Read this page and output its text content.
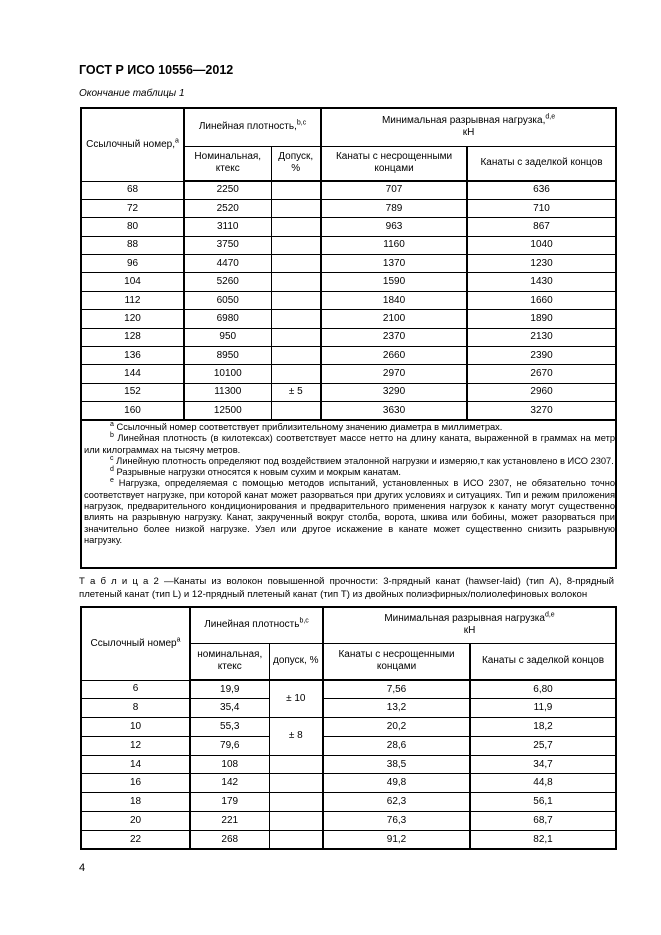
ГОСТ Р ИСО 10556—2012
Окончание таблицы 1
Ссылочный номер,$^a$	Линейная плотность,$^{b,c}$		Минимальная разрывная нагрузка,$^{d,e}$
кН	
	Номинальная, ктекс	Допуск, %	Канаты с несрощенными концами	Канаты с заделкой концов
68	2250		707	636
72	2520		789	710
80	3110		963	867
88	3750		1160	1040
96	4470		1370	1230
104	5260		1590	1430
112	6050		1840	1660
120	6980		2100	1890
128	950		2370	2130
136	8950		2660	2390
144	10100		2970	2670
152	11300	± 5	3290	2960
160	12500		3630	3270

$^a$ Ссылочный номер соответствует приблизительному значению диаметра в миллиметрах.

$^b$ Линейная плотность (в килотексах) соответствует массе нетто на длину каната, выраженной в граммах на метр или килограммах на тысячу метров.

$^c$ Линейную плотность определяют под воздействием эталонной нагрузки и измеряю,т как установлено в ИСО 2307.

$^d$ Разрывные нагрузки относятся к новым сухим и мокрым канатам.

$^e$ Нагрузка, определяемая с помощью методов испытаний, установленных в ИСО 2307, не обязательно точно соответствует нагрузке, при которой канат может разорваться при других условиях и ситуациях. Тип и режим приложения нагрузок, предварительного кондиционирования и предварительного применения нагрузок к канату могут существенно влиять на разрывную нагрузку. Канат, закрученный вокруг столба, ворота, шкива или бобины, может разорваться при значительно более низкой нагрузке. Узел или другое искажение в канате может существенно снизить разрывную нагрузку.

Т а б л и ц а 2 —Канаты из волокон повышенной прочности: 3-прядный канат (hawser-laid) (тип A), 8-прядный плетеный канат (тип L) и 12-прядный плетеный канат (тип T) из двойных полиэфирных/полиолефиновых волокон
Ссылочный номер$^a$	Линейная плотность$^{b,c}$		Минимальная разрывная нагрузка$^{d,e}$
кН	
	номинальная, ктекс	допуск, %	Канаты с несрощенными концами	Канаты с заделкой концов
6	19,9	± 10	7,56	6,80
8	35,4		13,2	11,9
10	55,3	± 8	20,2	18,2
12	79,6		28,6	25,7
14	108		38,5	34,7
16	142		49,8	44,8
18	179		62,3	56,1
20	221		76,3	68,7
22	268		91,2	82,1
4
